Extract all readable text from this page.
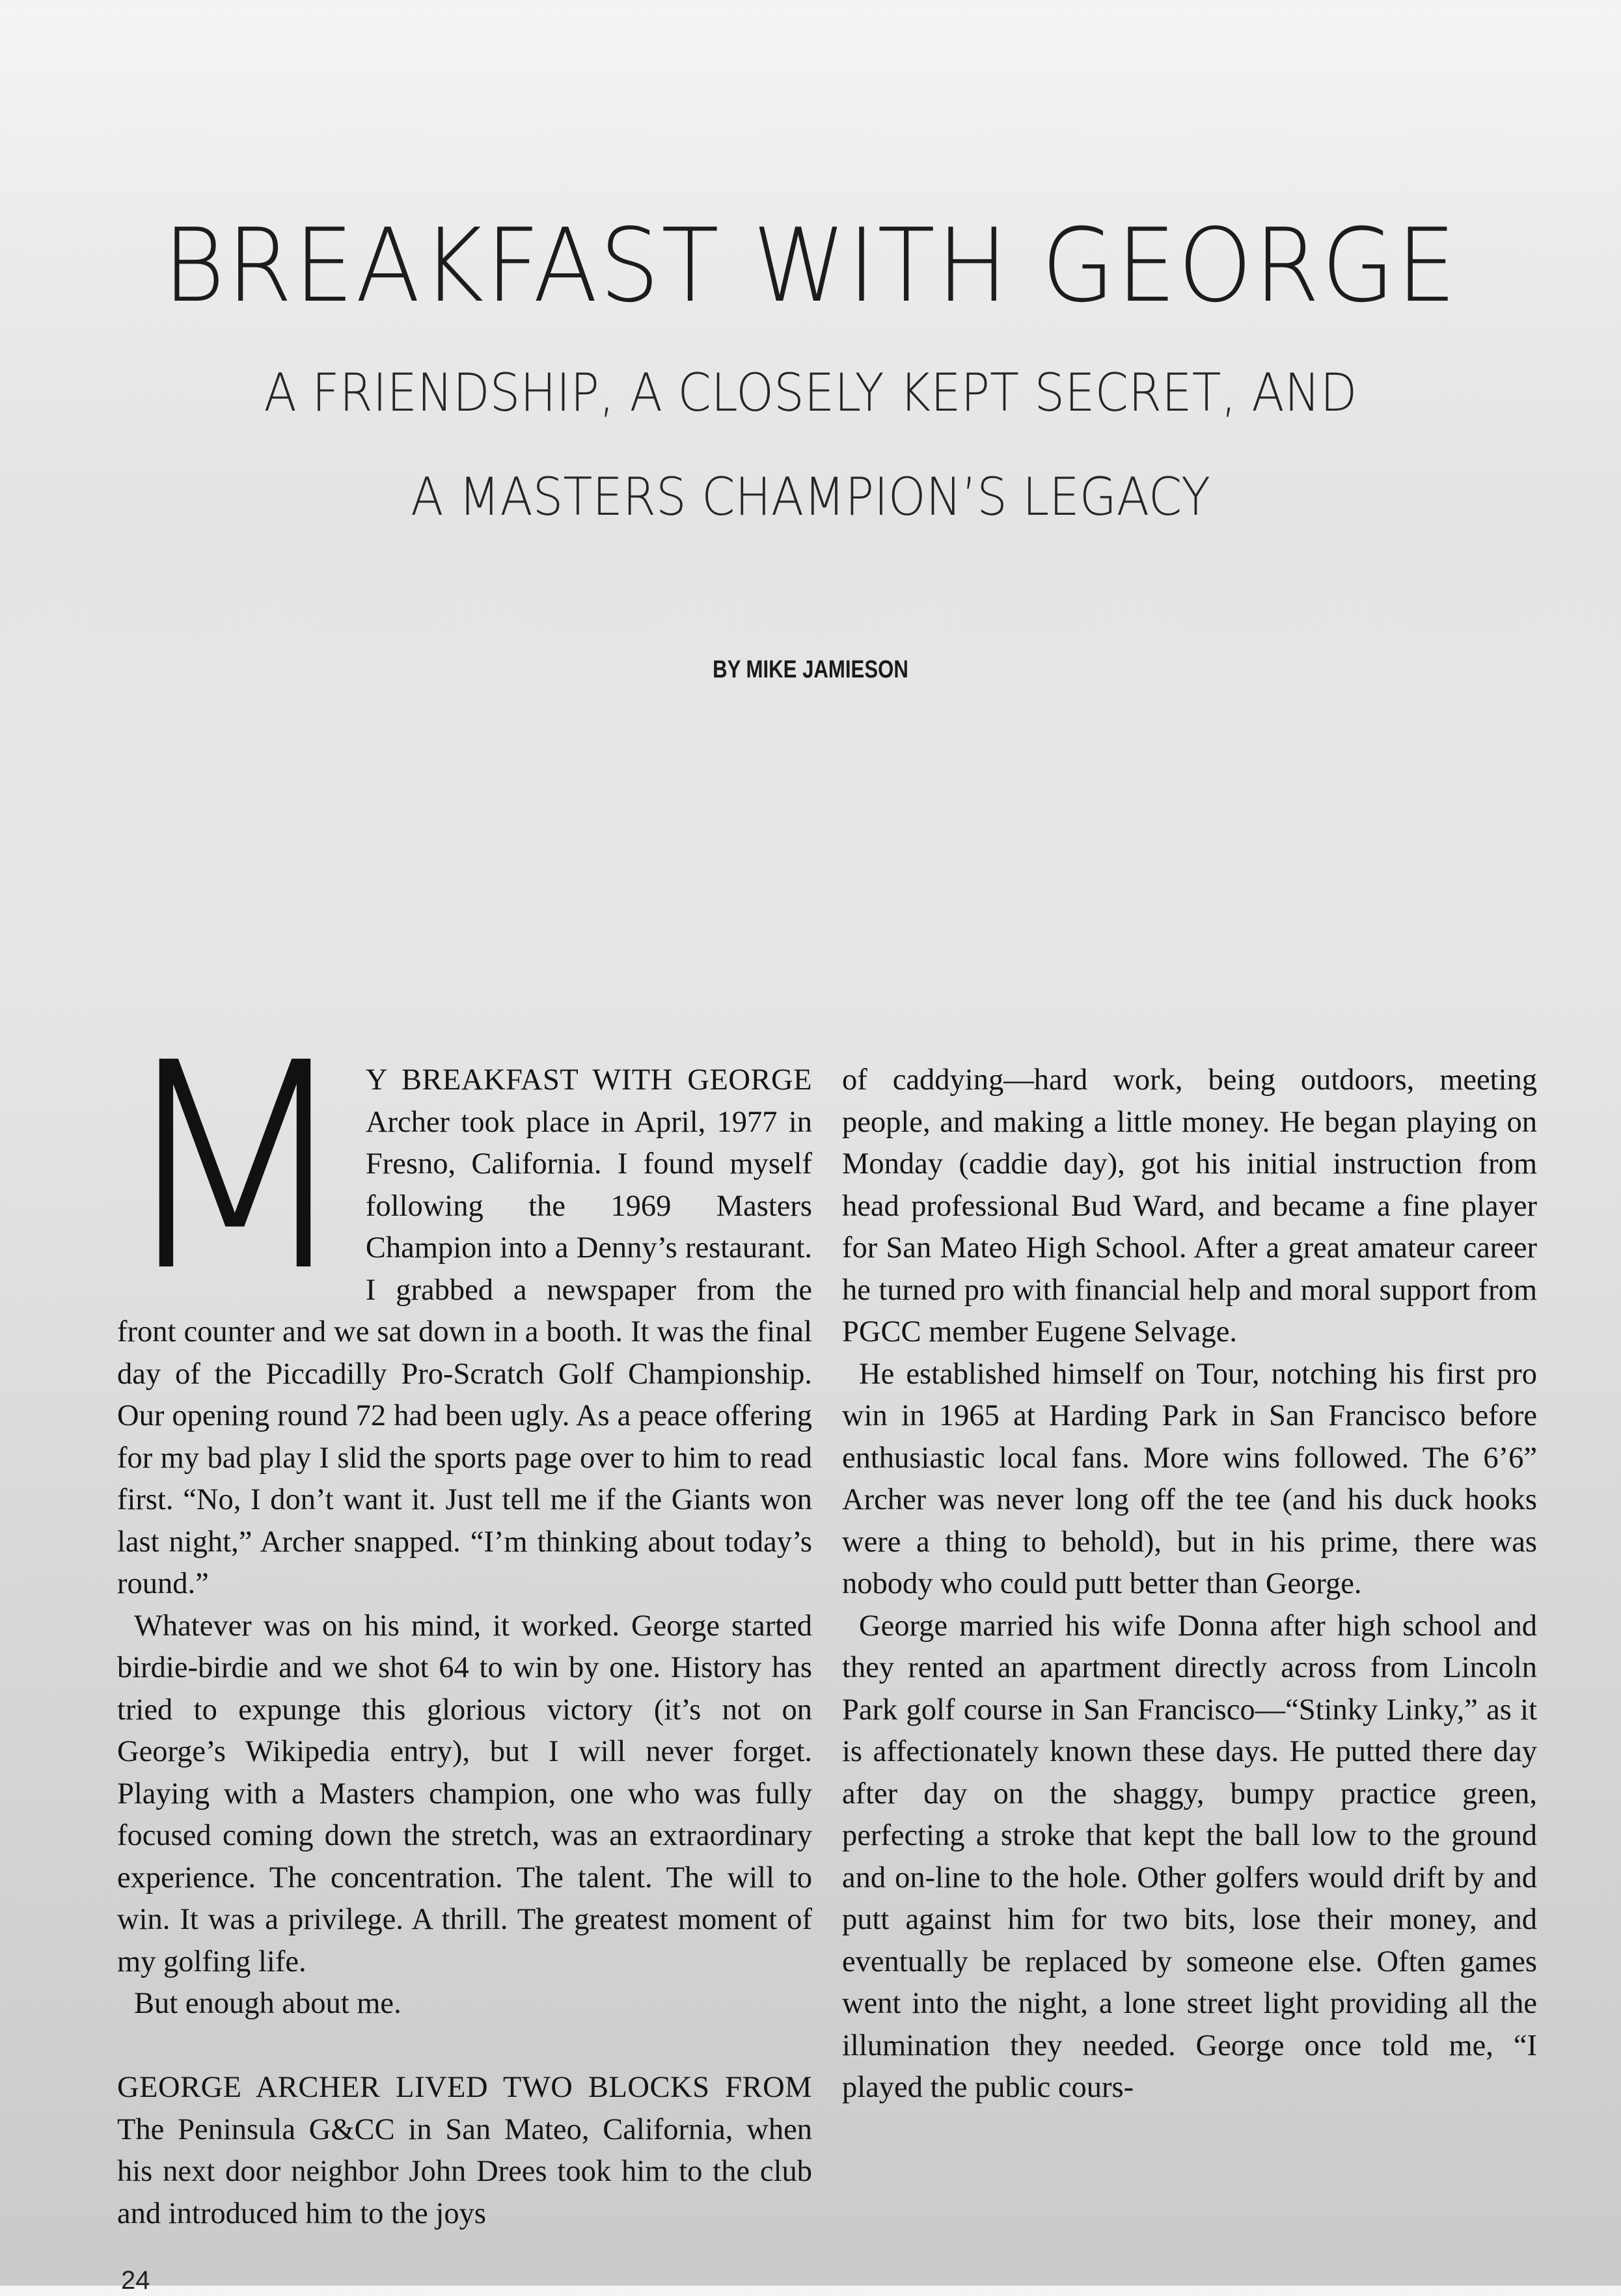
BREAKFAST WITH GEORGE
A FRIENDSHIP, A CLOSELY KEPT SECRET, AND
A MASTERS CHAMPION’S LEGACY
BY MIKE JAMIESON

M Y BREAKFAST WITH GEORGE Archer took place in April, 1977 in Fresno, California. I found myself following the 1969 Masters Champion into a Denny’s restaurant. I grabbed a newspaper from the front counter and we sat down in a booth. It was the final day of the Piccadilly Pro-Scratch Golf Championship. Our opening round 72 had been ugly. As a peace offering for my bad play I slid the sports page over to him to read first. “No, I don’t want it. Just tell me if the Giants won last night,” Archer snapped. “I’m thinking about today’s round.”

Whatever was on his mind, it worked. George started birdie-birdie and we shot 64 to win by one. History has tried to expunge this glorious victory (it’s not on George’s Wikipedia entry), but I will never forget. Playing with a Masters champion, one who was fully focused coming down the stretch, was an extraordinary experience. The concentration. The talent. The will to win. It was a privilege. A thrill. The greatest moment of my golfing life.

But enough about me.

GEORGE ARCHER LIVED TWO BLOCKS FROM The Peninsula G&CC in San Mateo, California, when his next door neighbor John Drees took him to the club and introduced him to the joys

of caddying—hard work, being outdoors, meeting people, and making a little money. He began playing on Monday (caddie day), got his initial instruction from head professional Bud Ward, and became a fine player for San Mateo High School. After a great amateur career he turned pro with financial help and moral support from PGCC member Eugene Selvage.

He established himself on Tour, notching his first pro win in 1965 at Harding Park in San Francisco before enthusiastic local fans. More wins followed. The 6’6” Archer was never long off the tee (and his duck hooks were a thing to behold), but in his prime, there was nobody who could putt better than George.

George married his wife Donna after high school and they rented an apartment directly across from Lincoln Park golf course in San Francisco—“Stinky Linky,” as it is affectionately known these days. He putted there day after day on the shaggy, bumpy practice green, perfecting a stroke that kept the ball low to the ground and on-line to the hole. Other golfers would drift by and putt against him for two bits, lose their money, and eventually be replaced by someone else. Often games went into the night, a lone street light providing all the illumination they needed. George once told me, “I played the public cours-

24
